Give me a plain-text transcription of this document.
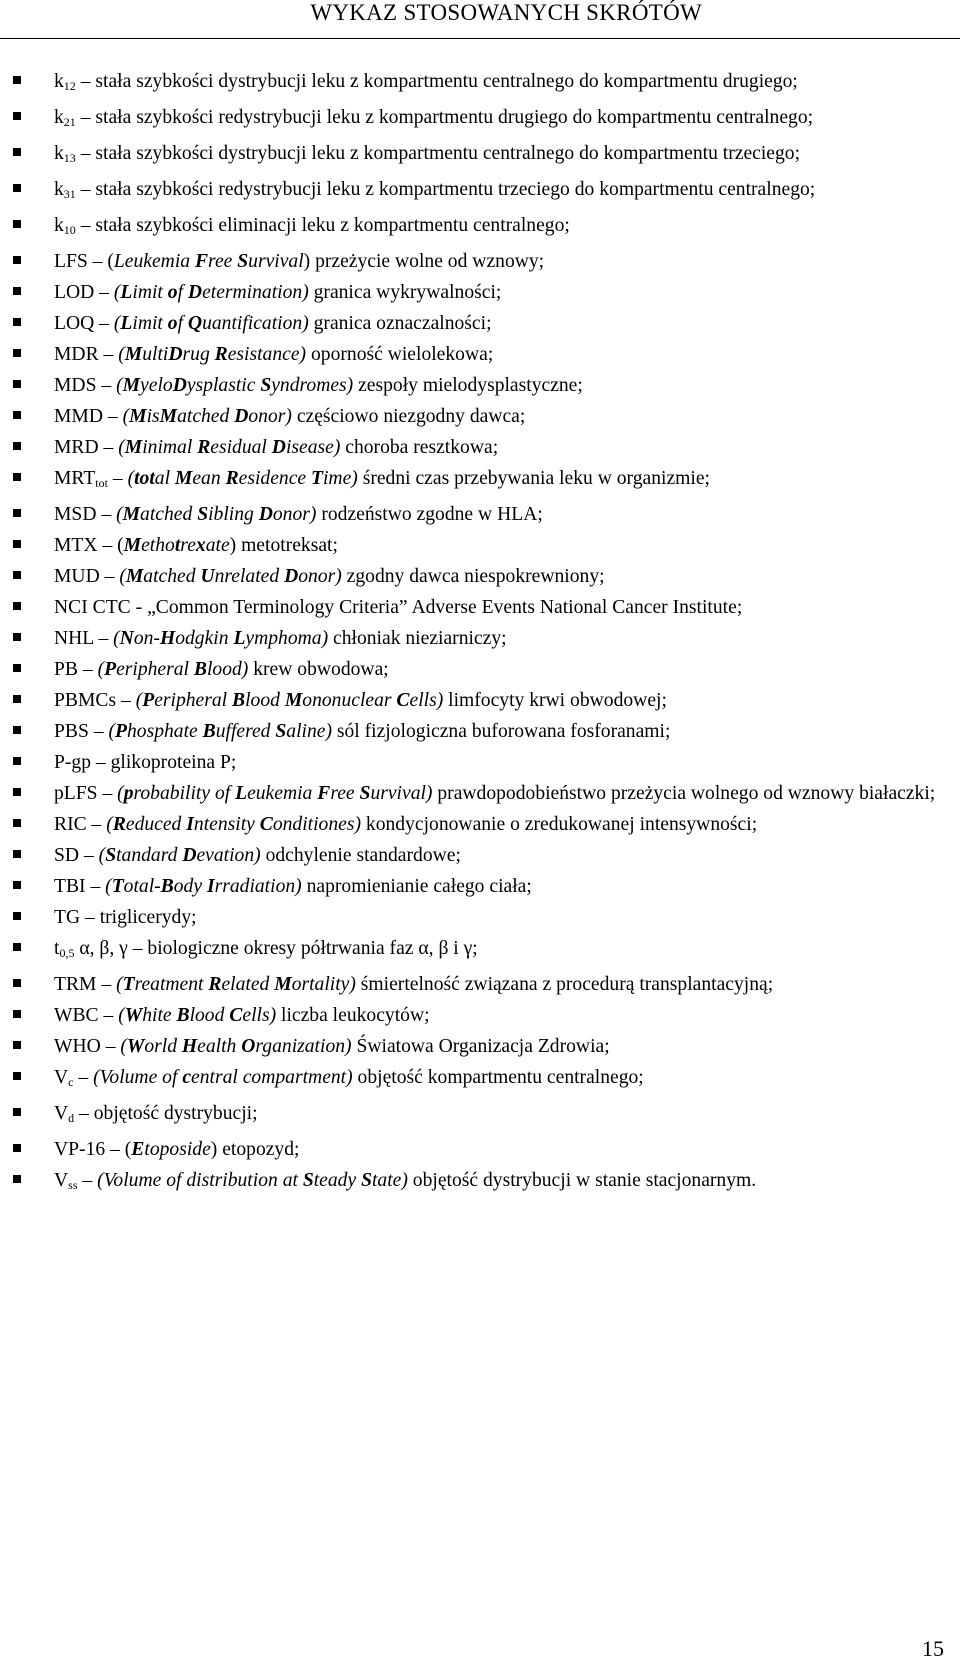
WYKAZ STOSOWANYCH SKRÓTÓW
$k_{12}$ – stała szybkości dystrybucji leku z kompartmentu centralnego do kompartmentu drugiego;
$k_{21}$ – stała szybkości redystrybucji leku z kompartmentu drugiego do kompartmentu centralnego;
$k_{13}$ – stała szybkości dystrybucji leku z kompartmentu centralnego do kompartmentu trzeciego;
$k_{31}$ – stała szybkości redystrybucji leku z kompartmentu trzeciego do kompartmentu centralnego;
$k_{10}$ – stała szybkości eliminacji leku z kompartmentu centralnego;
LFS – (Leukemia Free Survival) przeżycie wolne od wznowy;
LOD – (Limit of Determination) granica wykrywalności;
LOQ – (Limit of Quantification) granica oznaczalności;
MDR – (MultiDrug Resistance) oporność wielolekowa;
MDS – (MyeloDysplastic Syndromes) zespoły mielodysplastyczne;
MMD – (MisMatched Donor) częściowo niezgodny dawca;
MRD – (Minimal Residual Disease) choroba resztkowa;
$MRT_{tot}$ – (total Mean Residence Time) średni czas przebywania leku w organizmie;
MSD – (Matched Sibling Donor) rodzeństwo zgodne w HLA;
MTX – (Methotrexate) metotreksat;
MUD – (Matched Unrelated Donor) zgodny dawca niespokrewniony;
NCI CTC - „Common Terminology Criteria” Adverse Events National Cancer Institute;
NHL – (Non-Hodgkin Lymphoma) chłoniak nieziarniczy;
PB – (Peripheral Blood) krew obwodowa;
PBMCs – (Peripheral Blood Mononuclear Cells) limfocyty krwi obwodowej;
PBS – (Phosphate Buffered Saline) sól fizjologiczna buforowana fosforanami;
P-gp – glikoproteina P;
pLFS – (probability of Leukemia Free Survival) prawdopodobieństwo przeżycia wolnego od wznowy białaczki;
RIC – (Reduced Intensity Conditiones) kondycjonowanie o zredukowanej intensywności;
SD – (Standard Devation) odchylenie standardowe;
TBI – (Total-Body Irradiation) napromienianie całego ciała;
TG – triglicerydy;
$t_{0,5}$ α, β, γ – biologiczne okresy półtrwania faz α, β i γ;
TRM – (Treatment Related Mortality) śmiertelność związana z procedurą transplantacyjną;
WBC – (White Blood Cells) liczba leukocytów;
WHO – (World Health Organization) Światowa Organizacja Zdrowia;
$V_c$ – (Volume of central compartment) objętość kompartmentu centralnego;
$V_d$ – objętość dystrybucji;
VP-16 – (Etoposide) etopozyd;
$V_{ss}$ – (Volume of distribution at Steady State) objętość dystrybucji w stanie stacjonarnym.
15
